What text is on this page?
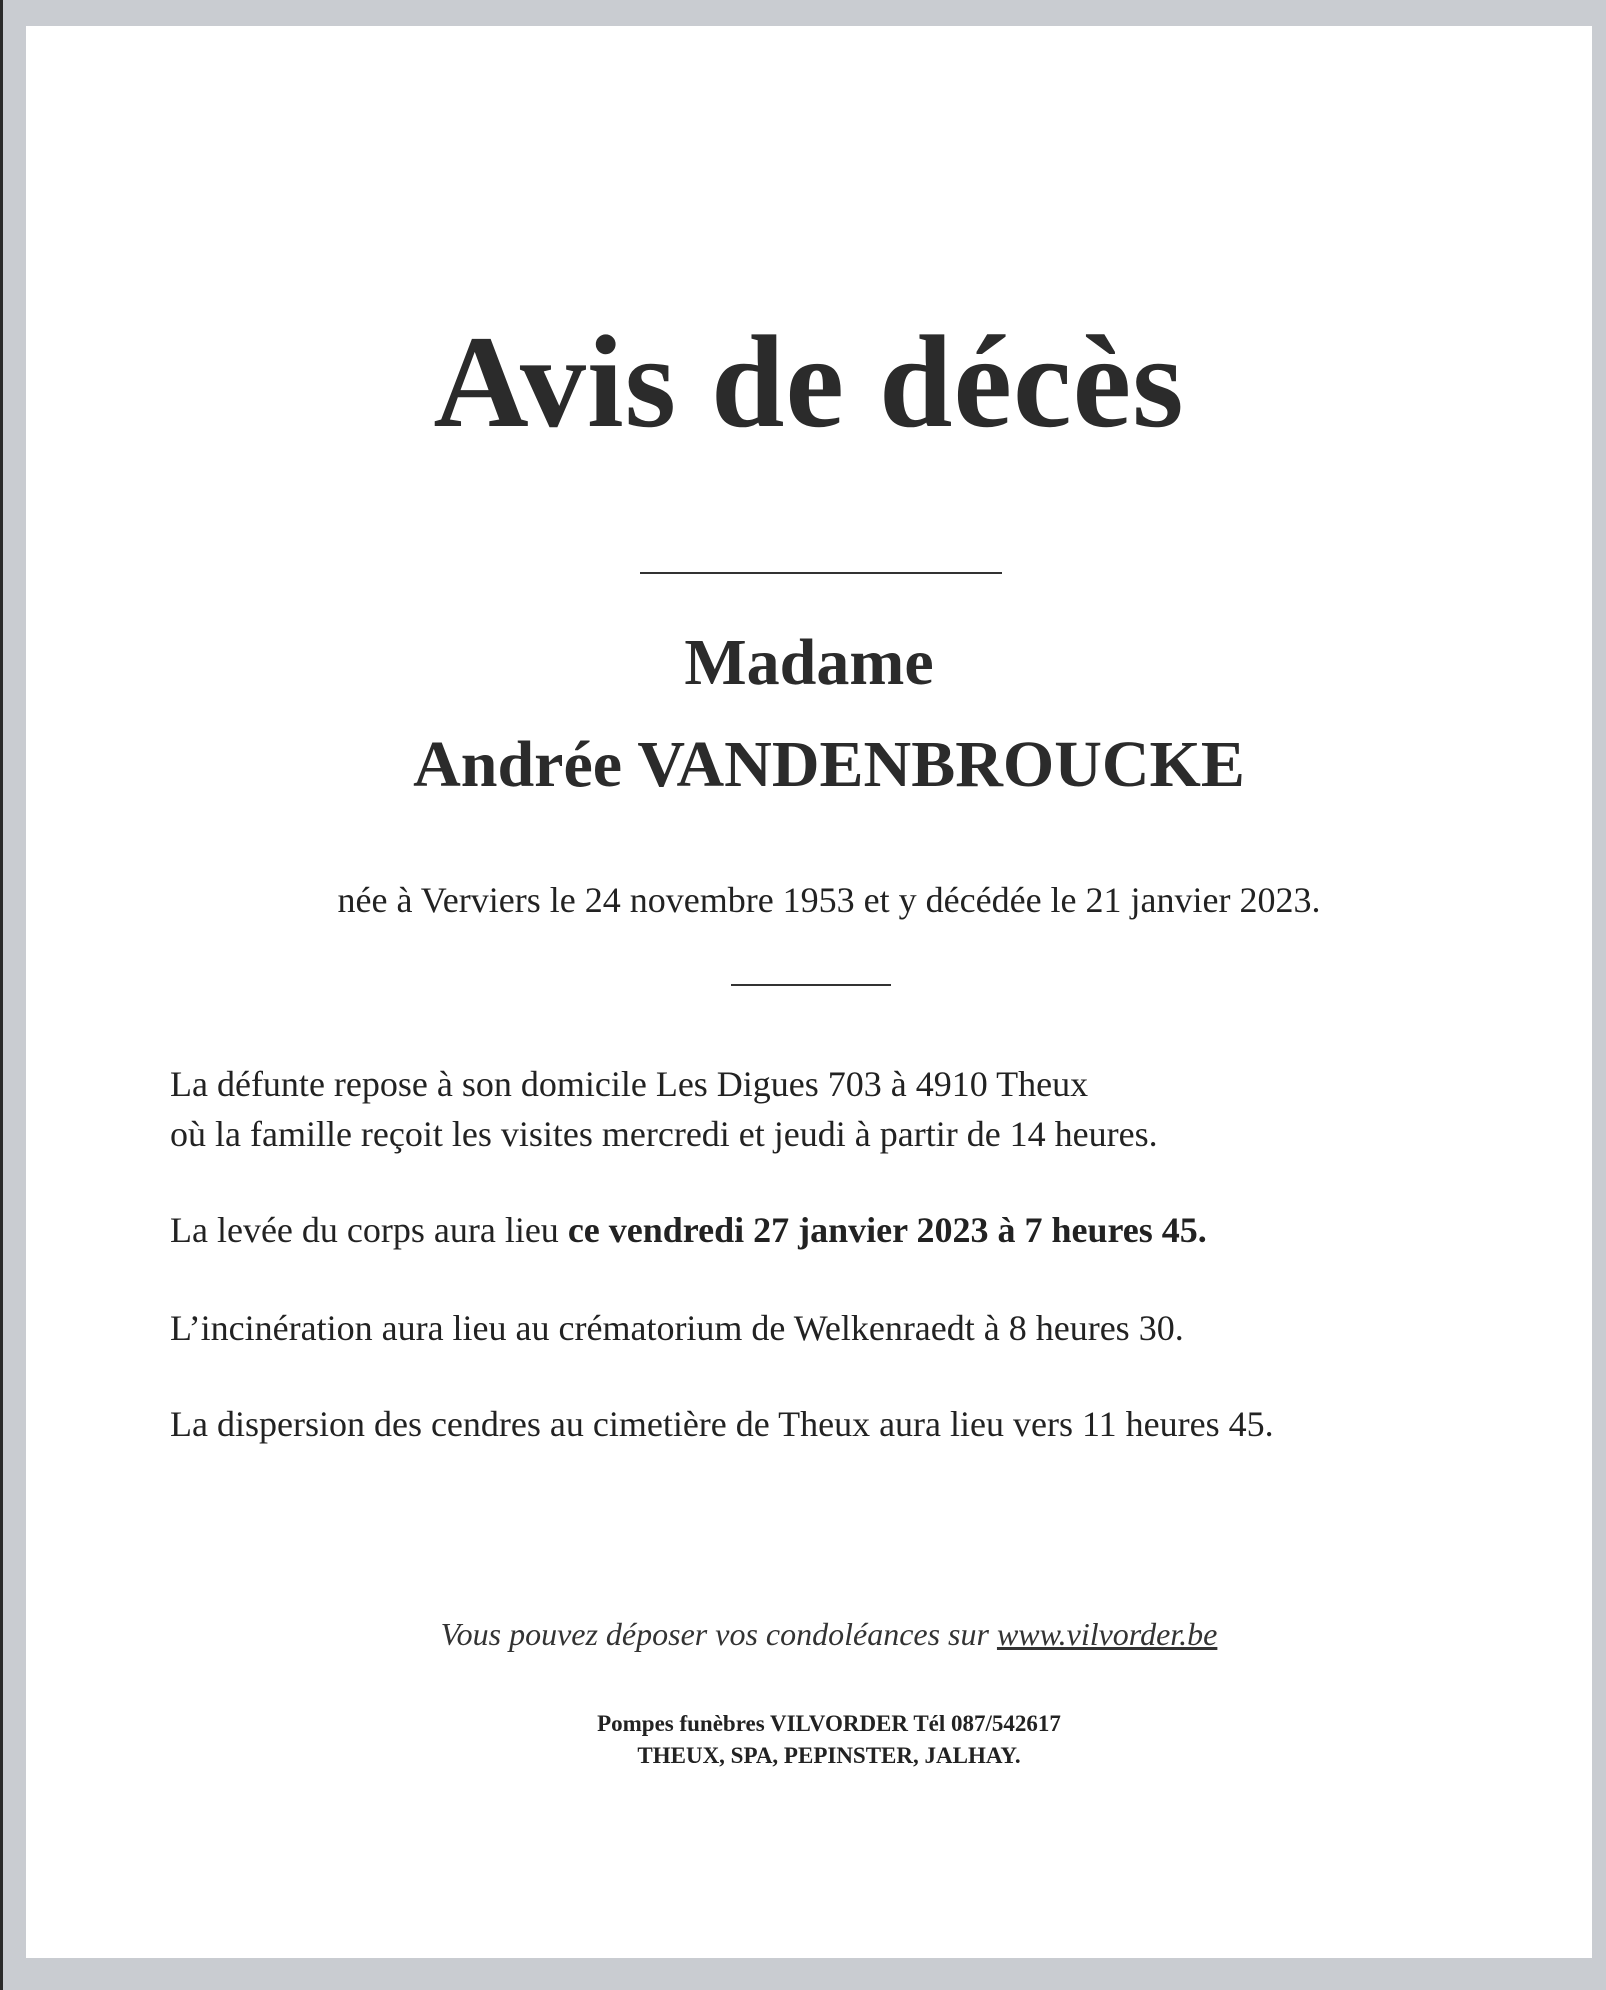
Avis de décès
Madame
Andrée VANDENBROUCKE
née à Verviers le 24 novembre 1953 et y décédée le 21 janvier 2023.
La défunte repose à son domicile Les Digues 703 à 4910 Theux
où la famille reçoit les visites mercredi et jeudi à partir de 14 heures.
La levée du corps aura lieu ce vendredi 27 janvier 2023 à 7 heures 45.
L’incinération aura lieu au crématorium de Welkenraedt à 8 heures 30.
La dispersion des cendres au cimetière de Theux aura lieu vers 11 heures 45.
Vous pouvez déposer vos condoléances sur www.vilvorder.be
Pompes funèbres VILVORDER Tél 087/542617
THEUX, SPA, PEPINSTER, JALHAY.
